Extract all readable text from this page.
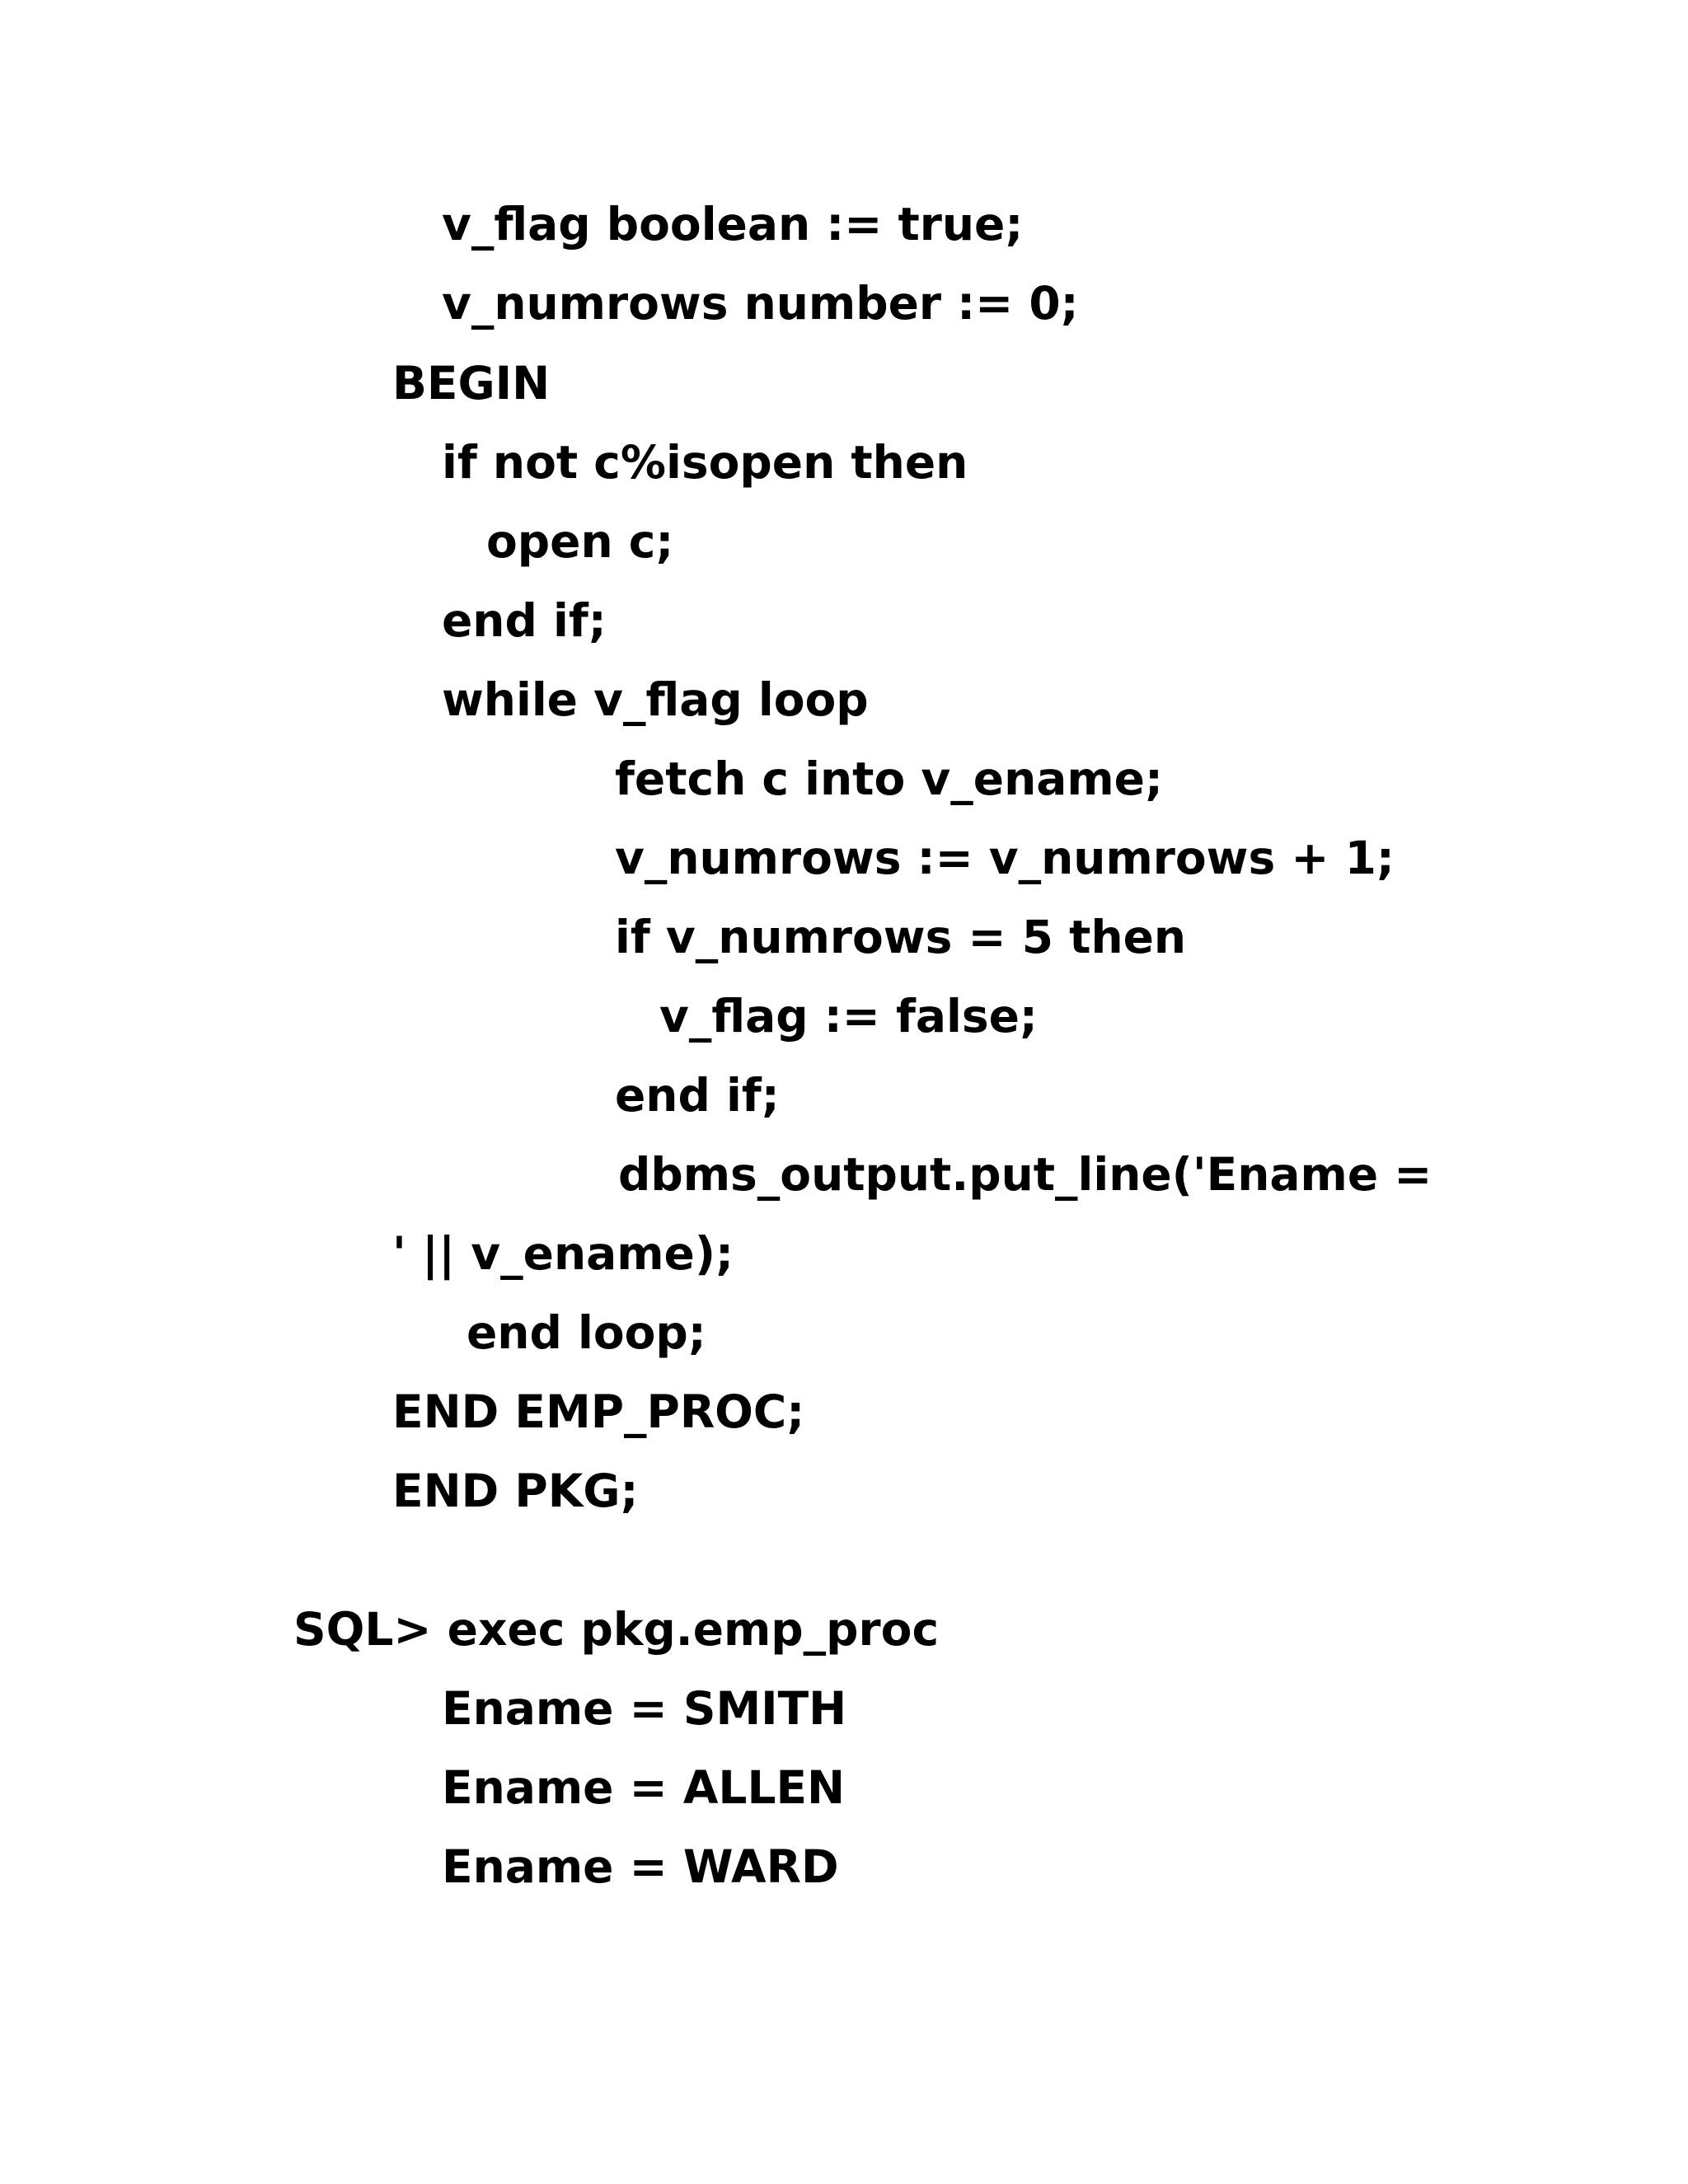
v_flag boolean := true;

v_numrows number := 0;

BEGIN

if not c%isopen then

open c;

end if;

while v_flag loop

fetch c into v_ename;

v_numrows := v_numrows + 1;

if v_numrows = 5 then

v_flag := false;

end if;

dbms_output.put_line('Ename =

' || v_ename);

end loop;

END EMP_PROC;

END PKG;

SQL> exec pkg.emp_proc

Ename = SMITH

Ename = ALLEN

Ename = WARD
